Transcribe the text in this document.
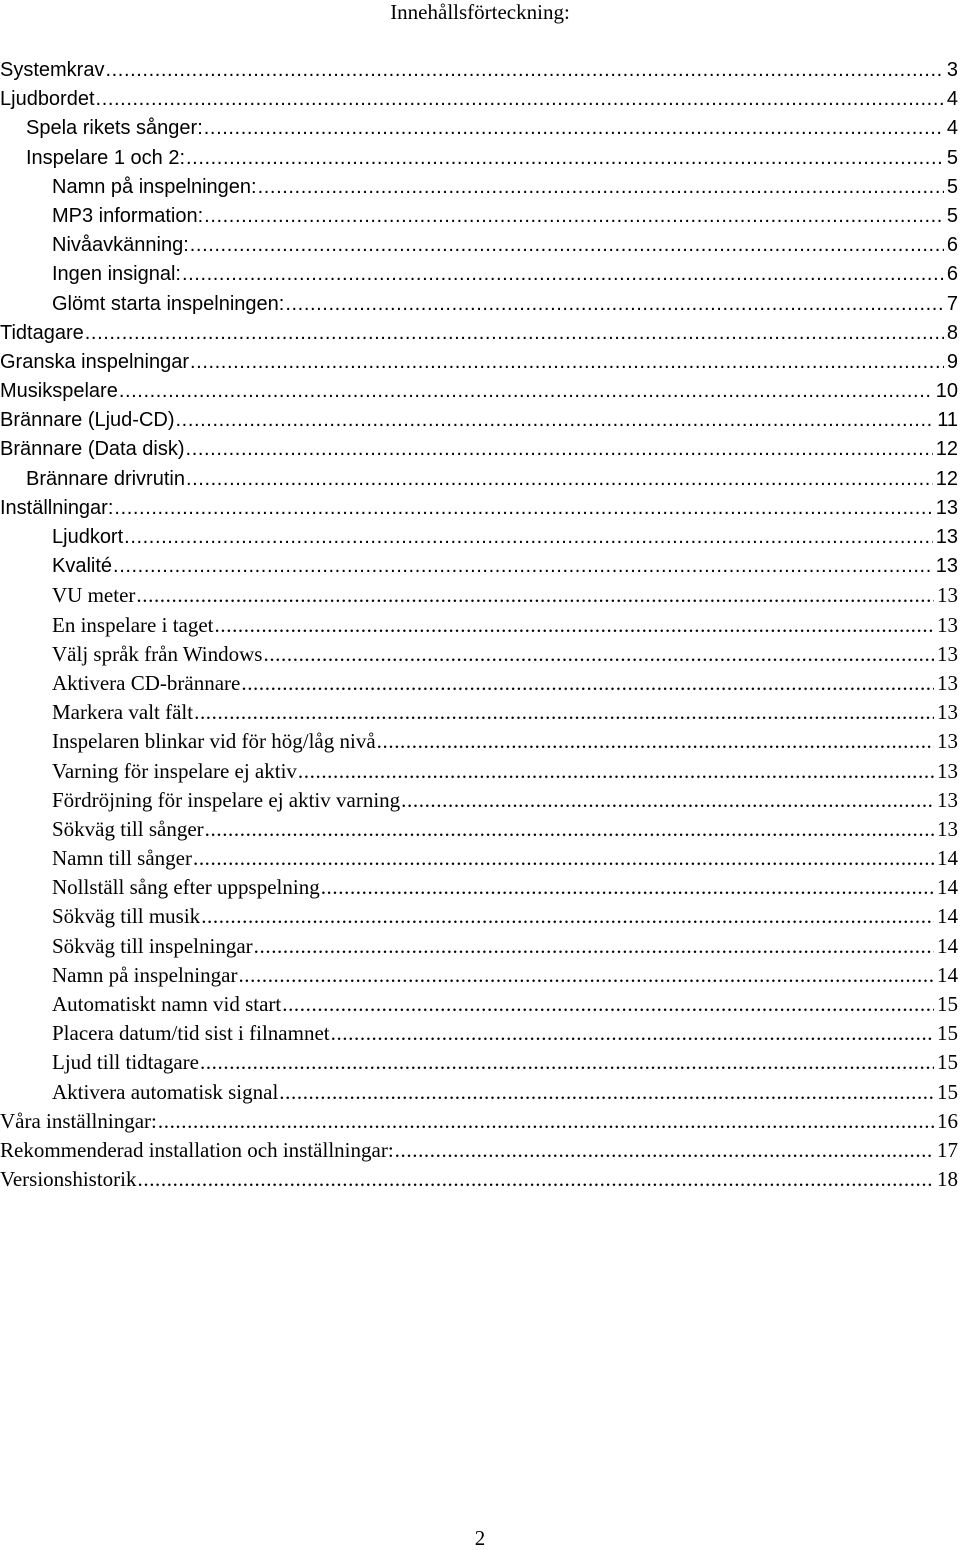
Innehållsförteckning:
Systemkrav .....	3
Ljudbordet .....	4
Spela rikets sånger: .....	4
Inspelare 1 och 2: .....	5
Namn på inspelningen: .....	5
MP3 information: .....	5
Nivåavkänning: .....	6
Ingen insignal: .....	6
Glömt starta inspelningen: .....	7
Tidtagare .....	8
Granska inspelningar .....	9
Musikspelare .....	10
Brännare (Ljud-CD) .....	11
Brännare (Data disk) .....	12
Brännare drivrutin .....	12
Inställningar: .....	13
Ljudkort .....	13
Kvalité .....	13
VU meter .....	13
En inspelare i taget .....	13
Välj språk från Windows .....	13
Aktivera CD-brännare .....	13
Markera valt fält .....	13
Inspelaren blinkar vid för hög/låg nivå .....	13
Varning för inspelare ej aktiv .....	13
Fördröjning för inspelare ej aktiv varning .....	13
Sökväg till sånger .....	13
Namn till sånger .....	14
Nollställ sång efter uppspelning .....	14
Sökväg till musik .....	14
Sökväg till inspelningar .....	14
Namn på inspelningar .....	14
Automatiskt namn vid start .....	15
Placera datum/tid sist i filnamnet .....	15
Ljud till tidtagare .....	15
Aktivera automatisk signal .....	15
Våra inställningar: .....	16
Rekommenderad installation och inställningar: .....	17
Versionshistorik .....	18
2
